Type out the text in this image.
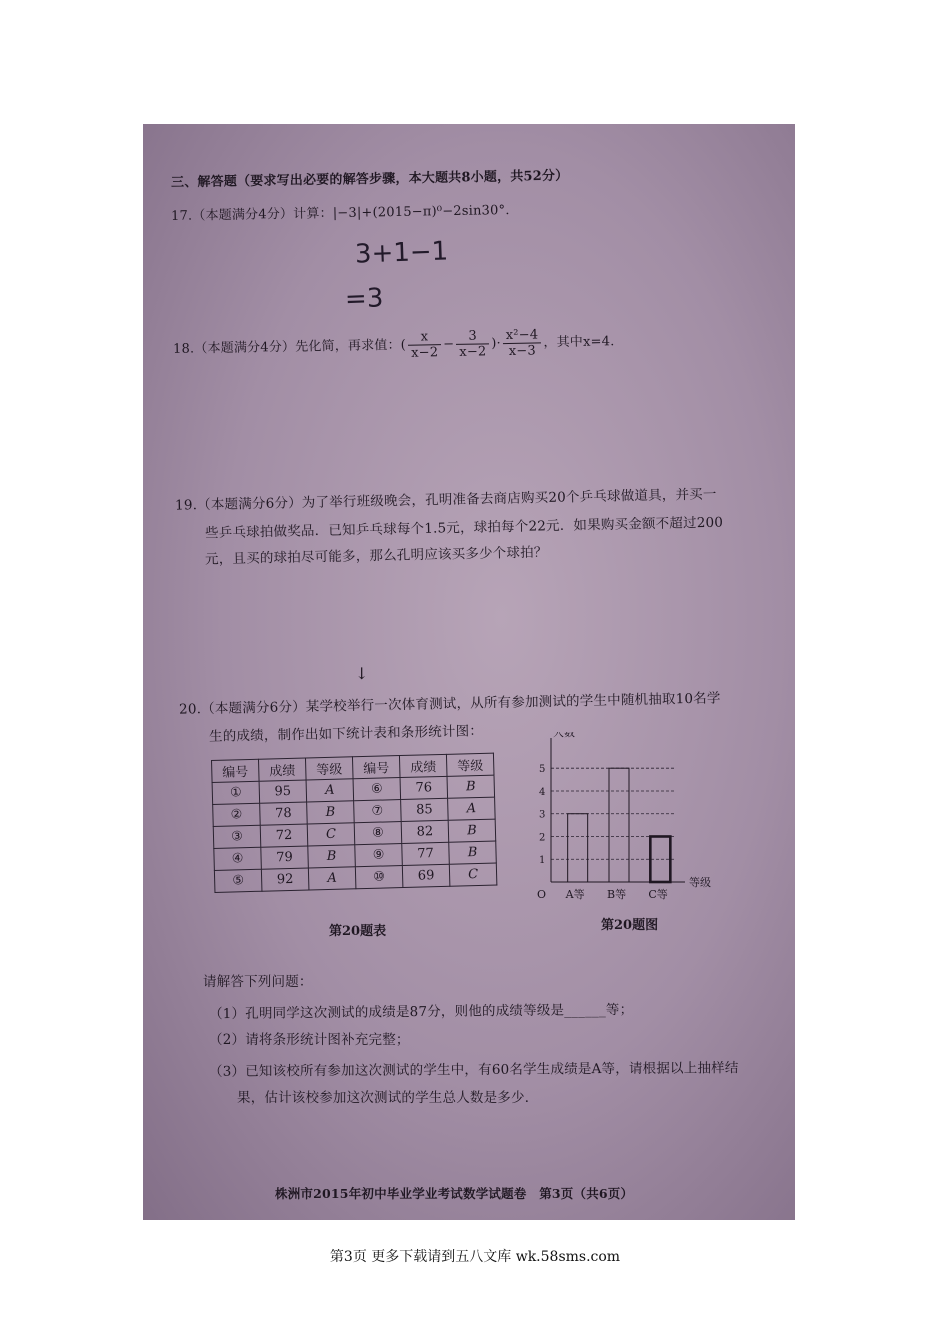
三、解答题（要求写出必要的解答步骤，本大题共8小题，共52分）
17.（本题满分4分）计算：|−3|+(2015−π)⁰−2sin30°.
3+1−1
=3
18.（本题满分4分）先化简，再求值：( $\frac{x}{x-2} - \frac{3}{x-2}$ )· $\frac{\text{x²−4}}{x-3}$ ，其中x=4.
19.（本题满分6分）为了举行班级晚会，孔明准备去商店购买20个乒乓球做道具，并买一
些乒乓球拍做奖品．已知乒乓球每个1.5元，球拍每个22元．如果购买金额不超过200
元，且买的球拍尽可能多，那么孔明应该买多少个球拍？
↓
20.（本题满分6分）某学校举行一次体育测试，从所有参加测试的学生中随机抽取10名学
生的成绩，制作出如下统计表和条形统计图：
编号	成绩	等级	编号	成绩	等级
①	95	A	⑥	76	B
②	78	B	⑦	85	A
③	72	C	⑧	82	B
④	79	B	⑨	77	B
⑤	92	A	⑩	69	C
第20题表
1
2
3
4
5
人数
等级
O A等 B等 C等
第20题图
请解答下列问题：
（1）孔明同学这次测试的成绩是87分，则他的成绩等级是______等；
（2）请将条形统计图补充完整；
（3）已知该校所有参加这次测试的学生中，有60名学生成绩是A等，请根据以上抽样结
果，估计该校参加这次测试的学生总人数是多少．
株洲市2015年初中毕业学业考试数学试题卷　第3页（共6页）
第3页 更多下载请到五八文库 wk.58sms.com
